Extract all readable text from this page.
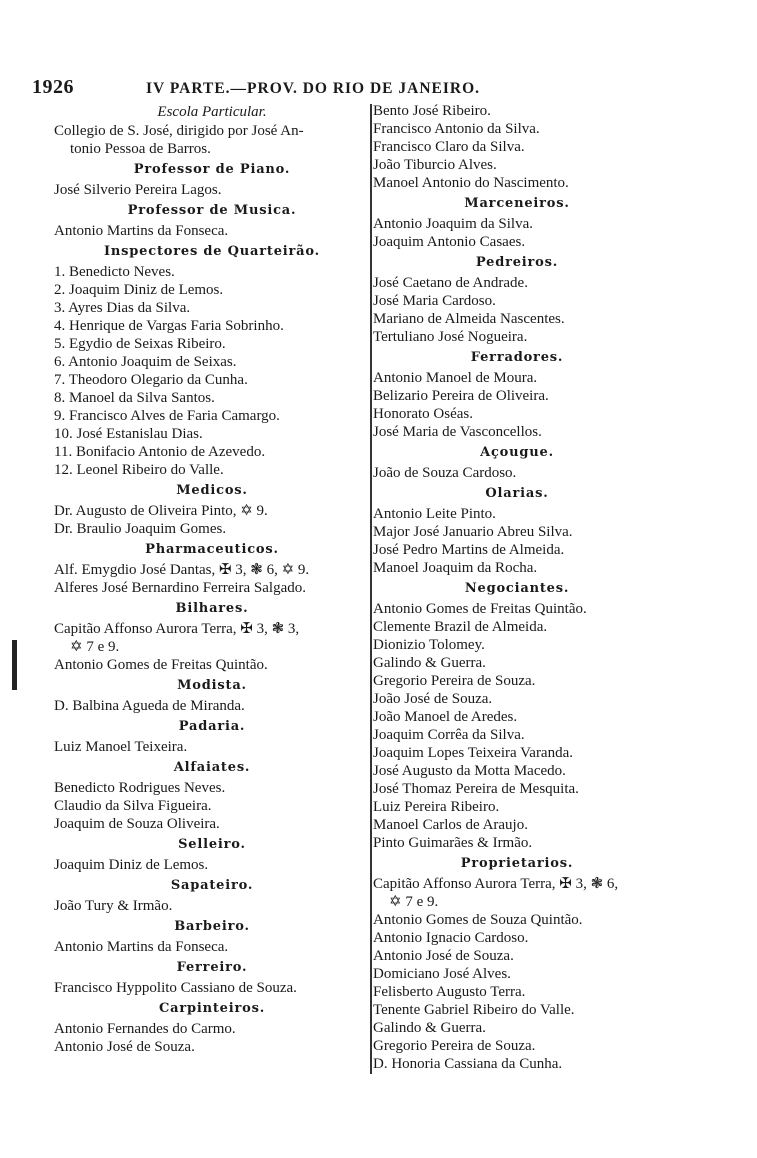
1926	IV PARTE.—PROV. DO RIO DE JANEIRO.
Escola Particular.
Collegio de S. José, dirigido por José An-
tonio Pessoa de Barros.
Professor de Piano.
José Silverio Pereira Lagos.
Professor de Musica.
Antonio Martins da Fonseca.
Inspectores de Quarteirão.
1. Benedicto Neves.
2. Joaquim Diniz de Lemos.
3. Ayres Dias da Silva.
4. Henrique de Vargas Faria Sobrinho.
5. Egydio de Seixas Ribeiro.
6. Antonio Joaquim de Seixas.
7. Theodoro Olegario da Cunha.
8. Manoel da Silva Santos.
9. Francisco Alves de Faria Camargo.
10. José Estanislau Dias.
11. Bonifacio Antonio de Azevedo.
12. Leonel Ribeiro do Valle.
Medicos.
Dr. Augusto de Oliveira Pinto, ✡ 9.
Dr. Braulio Joaquim Gomes.
Pharmaceuticos.
Alf. Emygdio José Dantas, ✠ 3, ❃ 6, ✡ 9.
Alferes José Bernardino Ferreira Salgado.
Bilhares.
Capitão Affonso Aurora Terra, ✠ 3, ❃ 3,
✡ 7 e 9.
Antonio Gomes de Freitas Quintão.
Modista.
D. Balbina Agueda de Miranda.
Padaria.
Luiz Manoel Teixeira.
Alfaiates.
Benedicto Rodrigues Neves.
Claudio da Silva Figueira.
Joaquim de Souza Oliveira.
Selleiro.
Joaquim Diniz de Lemos.
Sapateiro.
João Tury & Irmão.
Barbeiro.
Antonio Martins da Fonseca.
Ferreiro.
Francisco Hyppolito Cassiano de Souza.
Carpinteiros.
Antonio Fernandes do Carmo.
Antonio José de Souza.
Bento José Ribeiro.
Francisco Antonio da Silva.
Francisco Claro da Silva.
João Tiburcio Alves.
Manoel Antonio do Nascimento.
Marceneiros.
Antonio Joaquim da Silva.
Joaquim Antonio Casaes.
Pedreiros.
José Caetano de Andrade.
José Maria Cardoso.
Mariano de Almeida Nascentes.
Tertuliano José Nogueira.
Ferradores.
Antonio Manoel de Moura.
Belizario Pereira de Oliveira.
Honorato Oséas.
José Maria de Vasconcellos.
Açougue.
João de Souza Cardoso.
Olarias.
Antonio Leite Pinto.
Major José Januario Abreu Silva.
José Pedro Martins de Almeida.
Manoel Joaquim da Rocha.
Negociantes.
Antonio Gomes de Freitas Quintão.
Clemente Brazil de Almeida.
Dionizio Tolomey.
Galindo & Guerra.
Gregorio Pereira de Souza.
João José de Souza.
João Manoel de Aredes.
Joaquim Corrêa da Silva.
Joaquim Lopes Teixeira Varanda.
José Augusto da Motta Macedo.
José Thomaz Pereira de Mesquita.
Luiz Pereira Ribeiro.
Manoel Carlos de Araujo.
Pinto Guimarães & Irmão.
Proprietarios.
Capitão Affonso Aurora Terra, ✠ 3, ❃ 6,
✡ 7 e 9.
Antonio Gomes de Souza Quintão.
Antonio Ignacio Cardoso.
Antonio José de Souza.
Domiciano José Alves.
Felisberto Augusto Terra.
Tenente Gabriel Ribeiro do Valle.
Galindo & Guerra.
Gregorio Pereira de Souza.
D. Honoria Cassiana da Cunha.
